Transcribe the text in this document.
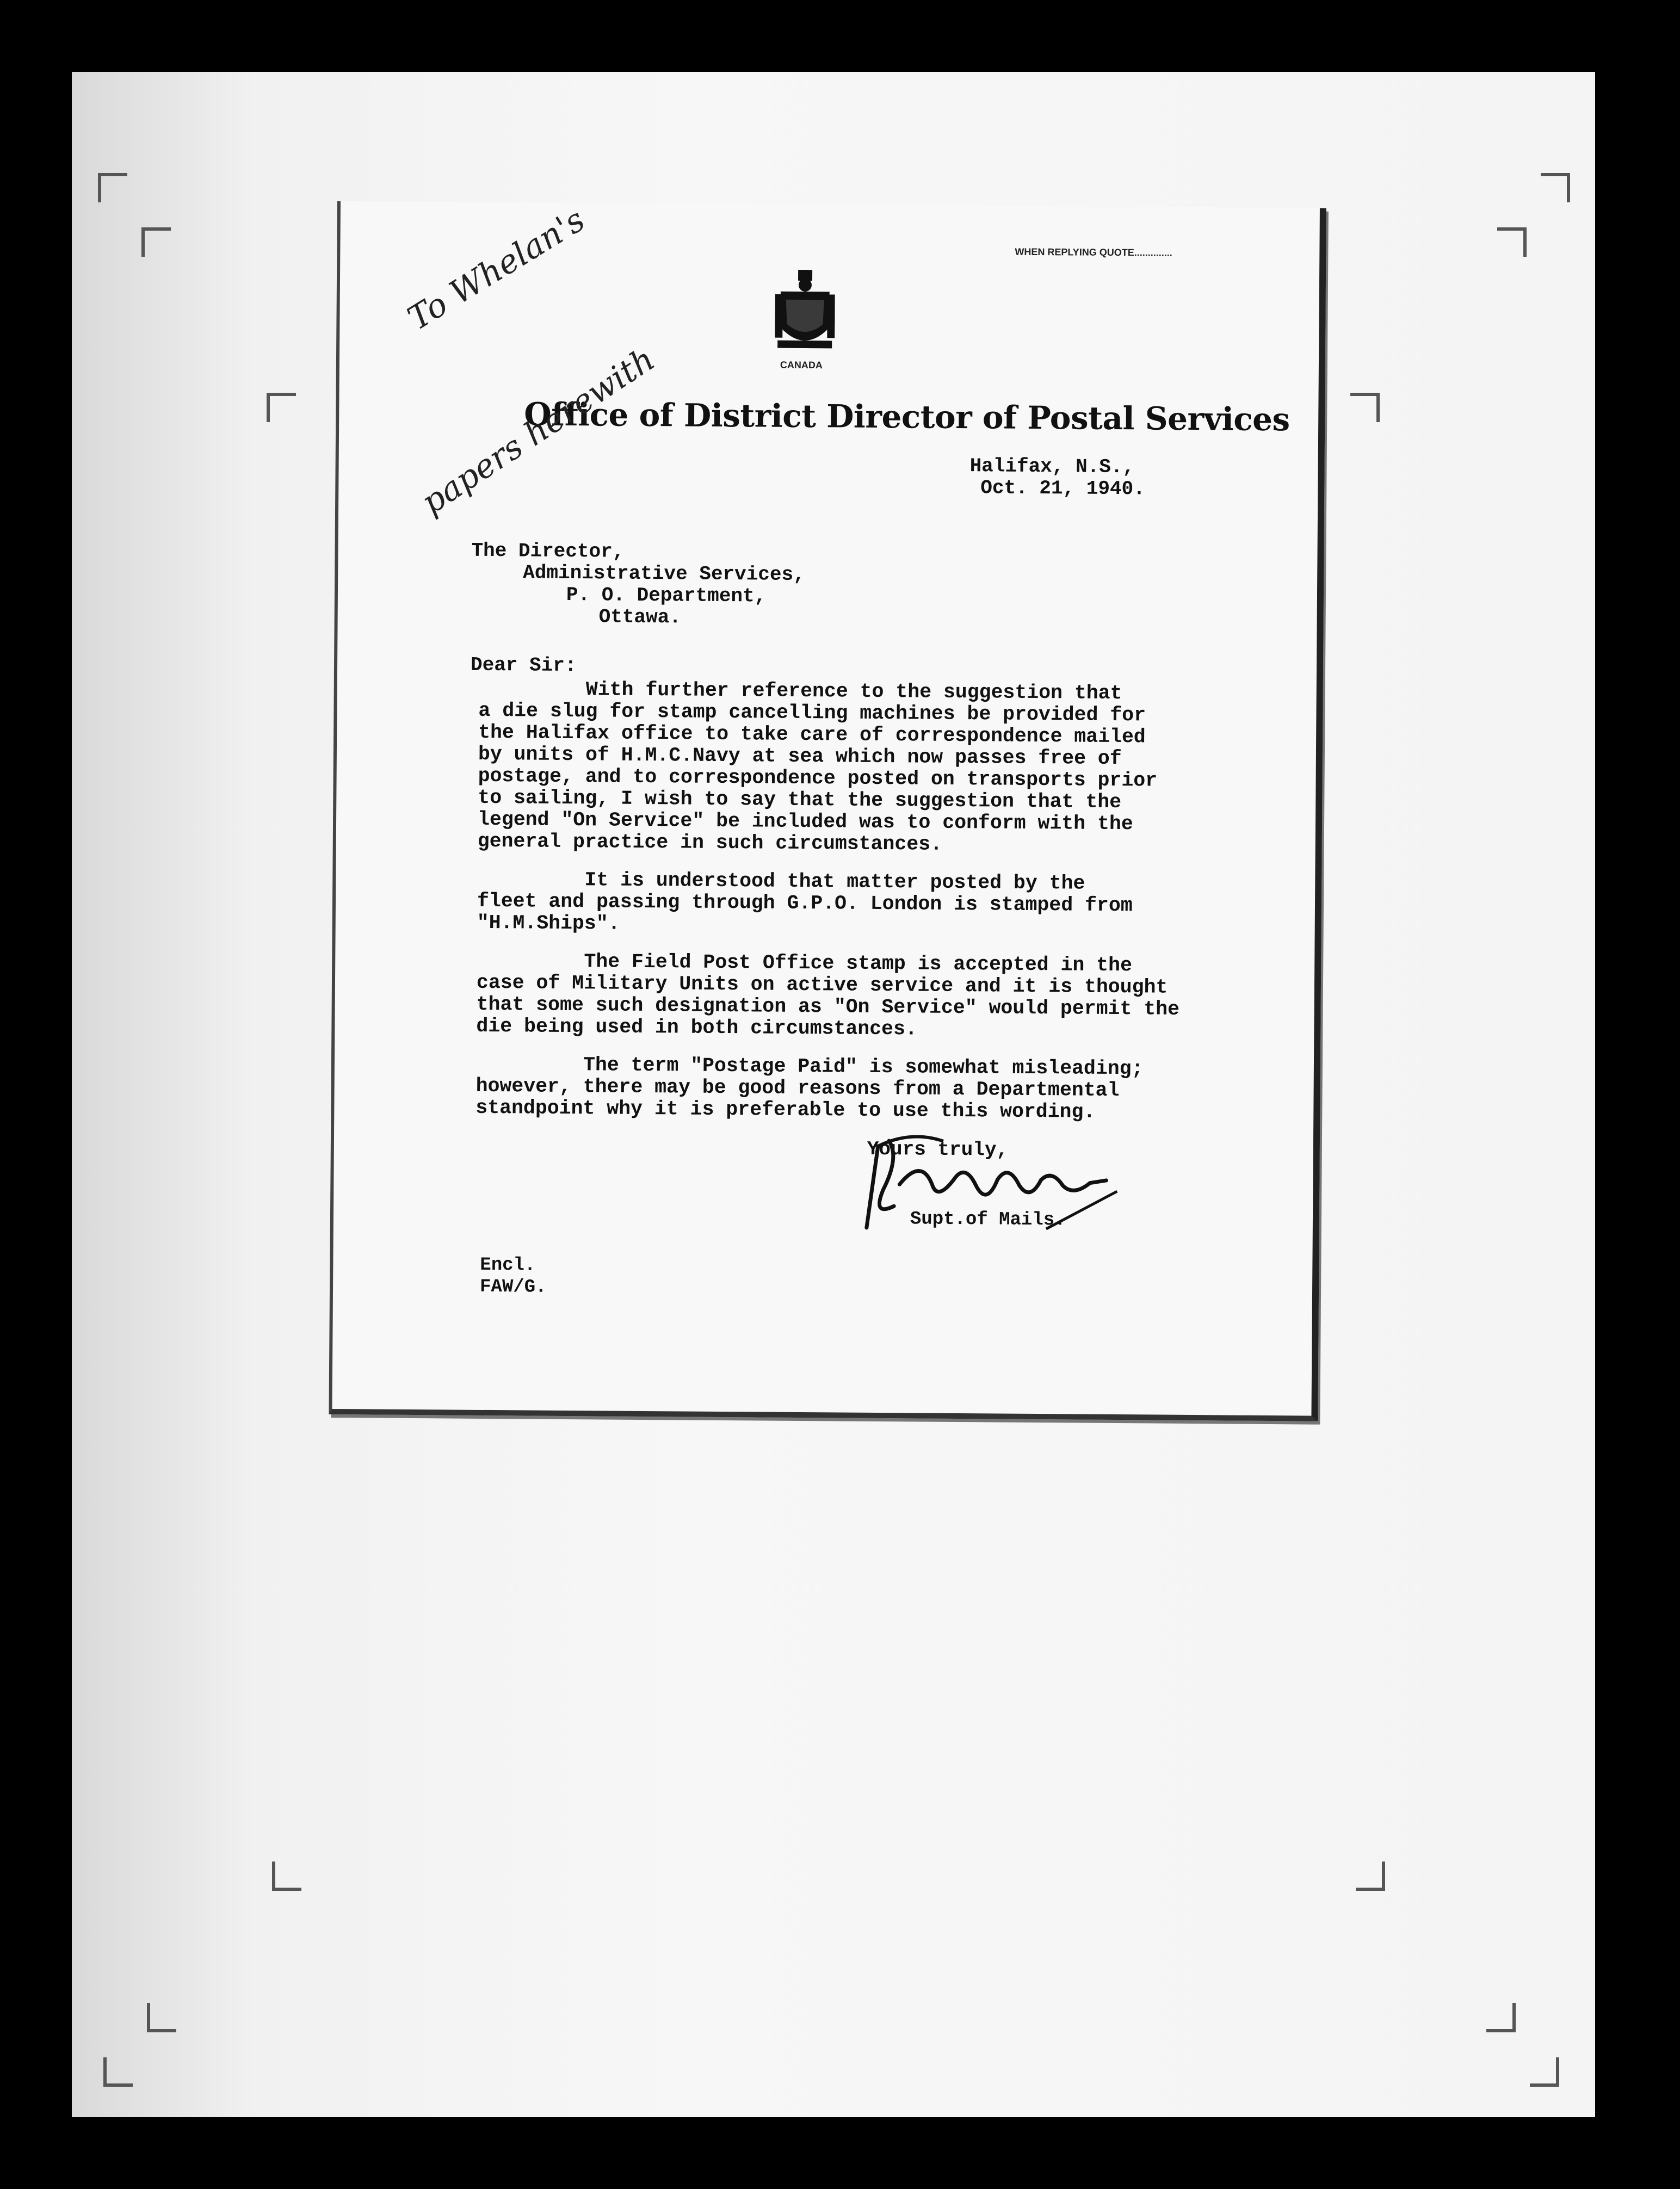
WHEN REPLYING QUOTE..............
CANADA
Office of District Director of Postal Services
To Whelan's
papers herewith	Halifax, N.S.,
Oct. 21, 1940.
The Director,
Administrative Services,
P. O. Department,
Ottawa.
Dear Sir:
With further reference to the suggestion that
a die slug for stamp cancelling machines be provided for
the Halifax office to take care of correspondence mailed
by units of H.M.C.Navy at sea which now passes free of
postage, and to correspondence posted on transports prior
to sailing, I wish to say that the suggestion that the
legend "On Service" be included was to conform with the
general practice in such circumstances.
It is understood that matter posted by the
fleet and passing through G.P.O. London is stamped from
"H.M.Ships".
The Field Post Office stamp is accepted in the
case of Military Units on active service and it is thought
that some such designation as "On Service" would permit the
die being used in both circumstances.
The term "Postage Paid" is somewhat misleading;
however, there may be good reasons from a Departmental
standpoint why it is preferable to use this wording.
Yours truly,
Supt.of Mails.
Encl.
FAW/G.
